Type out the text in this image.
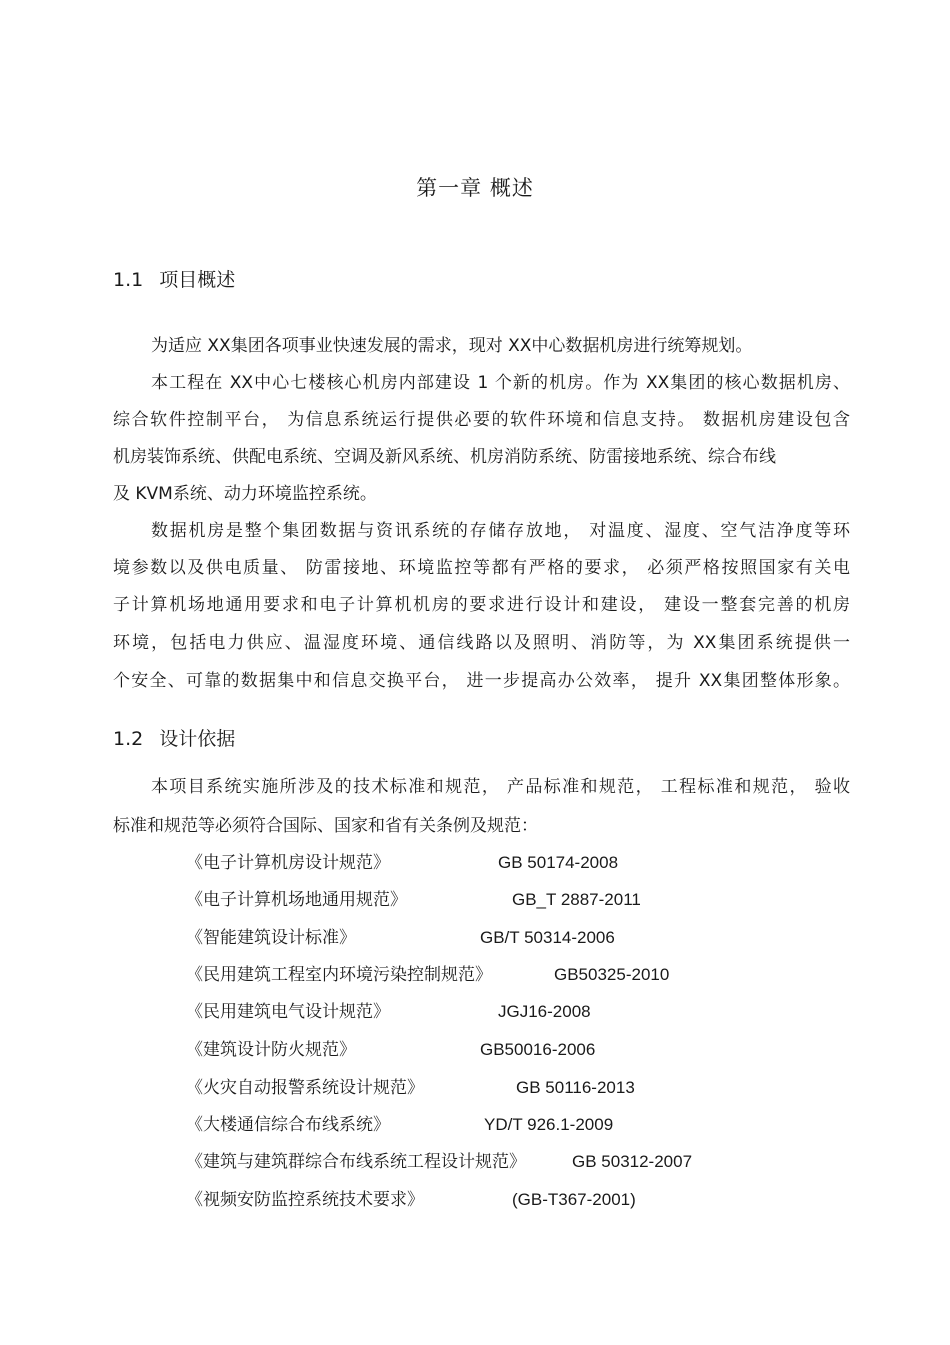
第一章 概述
1.1 项目概述

为适应 XX集团各项事业快速发展的需求，现对 XX中心数据机房进行统筹规划。

本工程在 XX中心七楼核心机房内部建设 1 个新的机房。作为 XX集团的核心数据机房、

综合软件控制平台， 为信息系统运行提供必要的软件环境和信息支持。 数据机房建设包含

机房装饰系统、供配电系统、空调及新风系统、机房消防系统、防雷接地系统、综合布线

及 KVM系统、动力环境监控系统。

数据机房是整个集团数据与资讯系统的存储存放地， 对温度、湿度、空气洁净度等环

境参数以及供电质量、 防雷接地、环境监控等都有严格的要求， 必须严格按照国家有关电

子计算机场地通用要求和电子计算机机房的要求进行设计和建设， 建设一整套完善的机房

环境，包括电力供应、温湿度环境、通信线路以及照明、消防等，为 XX集团系统提供一

个安全、可靠的数据集中和信息交换平台， 进一步提高办公效率， 提升 XX集团整体形象。

1.2 设计依据

本项目系统实施所涉及的技术标准和规范， 产品标准和规范， 工程标准和规范， 验收

标准和规范等必须符合国际、国家和省有关条例及规范：

《电子计算机房设计规范》	GB 50174-2008
《电子计算机场地通用规范》	GB_T 2887-2011
《智能建筑设计标准》	GB/T 50314-2006
《民用建筑工程室内环境污染控制规范》	GB50325-2010
《民用建筑电气设计规范》	JGJ16-2008
《建筑设计防火规范》	GB50016-2006
《火灾自动报警系统设计规范》	GB 50116-2013
《大楼通信综合布线系统》	YD/T 926.1-2009
《建筑与建筑群综合布线系统工程设计规范》	GB 50312-2007
《视频安防监控系统技术要求》	(GB-T367-2001)
